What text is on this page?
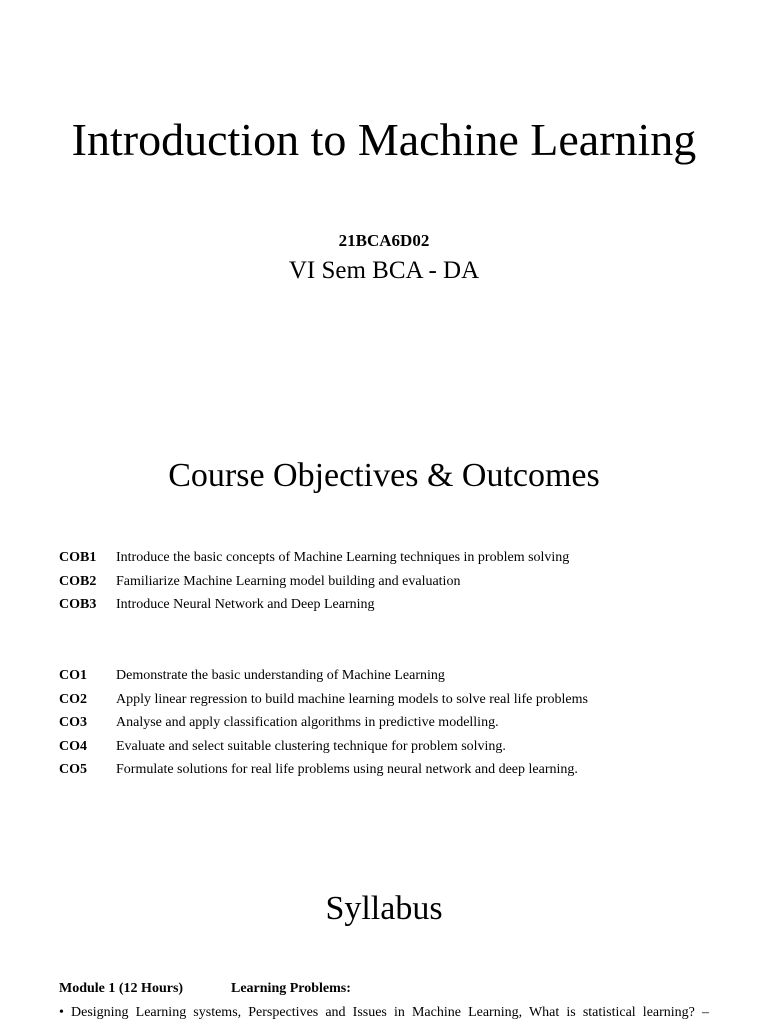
Introduction to Machine Learning
21BCA6D02
VI Sem BCA - DA
Course Objectives & Outcomes
COB1 Introduce the basic concepts of Machine Learning techniques in problem solving
COB2 Familiarize Machine Learning model building and evaluation
COB3 Introduce Neural Network and Deep Learning
CO1 Demonstrate the basic understanding of Machine Learning
CO2 Apply linear regression to build machine learning models to solve real life problems
CO3 Analyse and apply classification algorithms in predictive modelling.
CO4 Evaluate and select suitable clustering technique for problem solving.
CO5 Formulate solutions for real life problems using neural network and deep learning.
Syllabus
Module 1 (12 Hours)	Learning Problems:
• Designing Learning systems, Perspectives and Issues in Machine Learning, What is statistical learning? –
